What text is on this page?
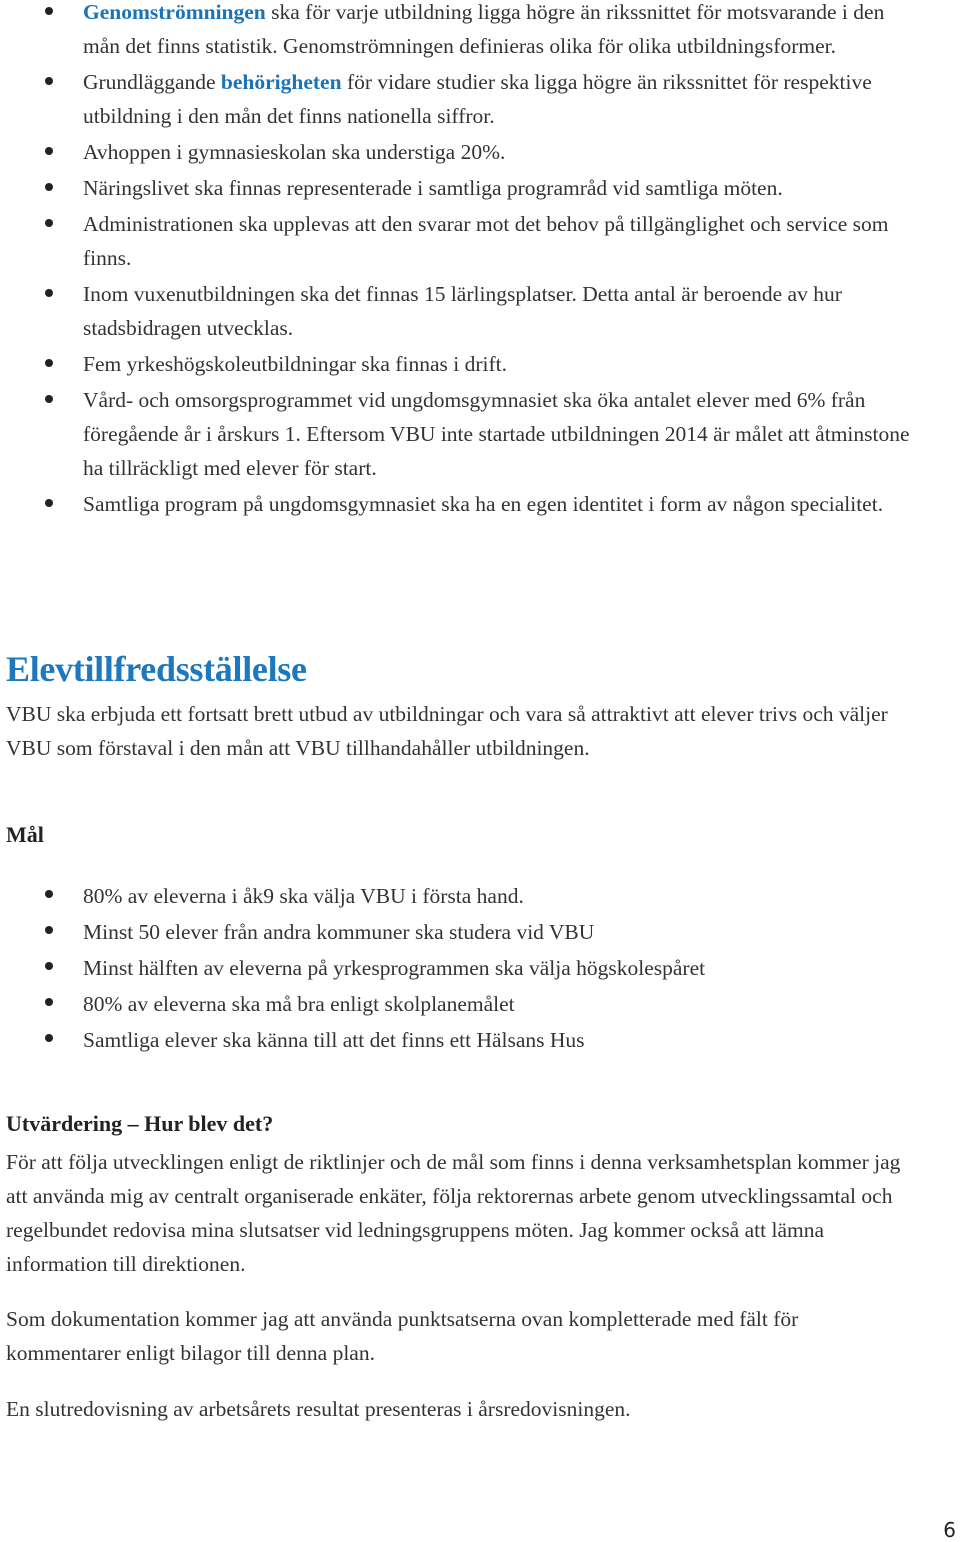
Genomströmningen ska för varje utbildning ligga högre än rikssnittet för motsvarande i den mån det finns statistik. Genomströmningen definieras olika för olika utbildningsformer.
Grundläggande behörigheten för vidare studier ska ligga högre än rikssnittet för respektive utbildning i den mån det finns nationella siffror.
Avhoppen i gymnasieskolan ska understiga 20%.
Näringslivet ska finnas representerade i samtliga programråd vid samtliga möten.
Administrationen ska upplevas att den svarar mot det behov på tillgänglighet och service som finns.
Inom vuxenutbildningen ska det finnas 15 lärlingsplatser. Detta antal är beroende av hur stadsbidragen utvecklas.
Fem yrkeshögskoleutbildningar ska finnas i drift.
Vård- och omsorgsprogrammet vid ungdomsgymnasiet ska öka antalet elever med 6% från föregående år i årskurs 1. Eftersom VBU inte startade utbildningen 2014 är målet att åtminstone ha tillräckligt med elever för start.
Samtliga program på ungdomsgymnasiet ska ha en egen identitet i form av någon specialitet.
Elevtillfredsställelse

VBU ska erbjuda ett fortsatt brett utbud av utbildningar och vara så attraktivt att elever trivs och väljer VBU som förstaval i den mån att VBU tillhandahåller utbildningen.

Mål
80% av eleverna i åk9 ska välja VBU i första hand.
Minst 50 elever från andra kommuner ska studera vid VBU
Minst hälften av eleverna på yrkesprogrammen ska välja högskolespåret
80% av eleverna ska må bra enligt skolplanemålet
Samtliga elever ska känna till att det finns ett Hälsans Hus
Utvärdering – Hur blev det?

För att följa utvecklingen enligt de riktlinjer och de mål som finns i denna verksamhetsplan kommer jag att använda mig av centralt organiserade enkäter, följa rektorernas arbete genom utvecklingssamtal och regelbundet redovisa mina slutsatser vid ledningsgruppens möten. Jag kommer också att lämna information till direktionen.

Som dokumentation kommer jag att använda punktsatserna ovan kompletterade med fält för kommentarer enligt bilagor till denna plan.

En slutredovisning av arbetsårets resultat presenteras i årsredovisningen.

6
